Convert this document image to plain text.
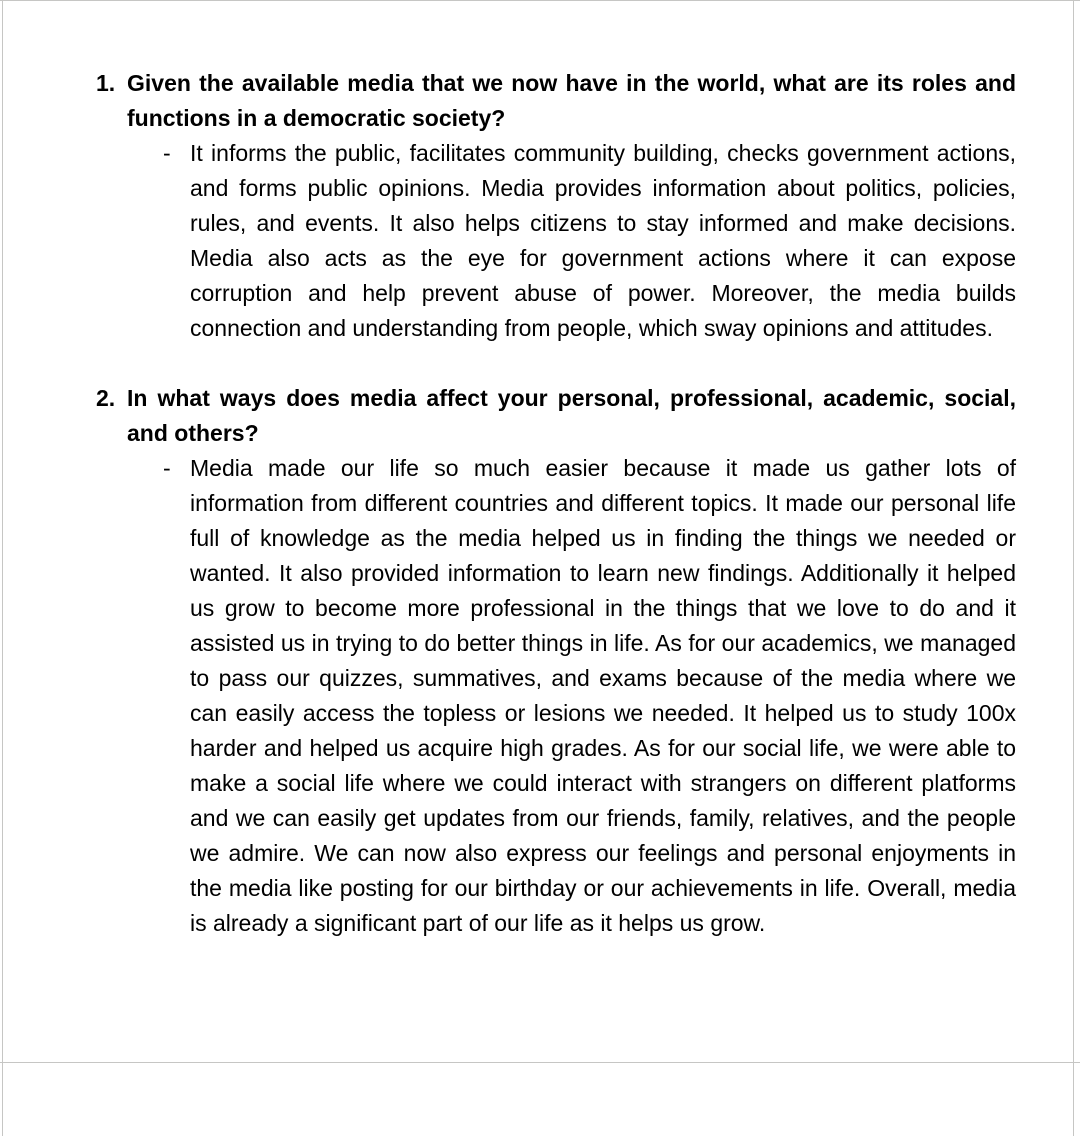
1. Given the available media that we now have in the world, what are its roles and functions in a democratic society?
- It informs the public, facilitates community building, checks government actions, and forms public opinions. Media provides information about politics, policies, rules, and events. It also helps citizens to stay informed and make decisions. Media also acts as the eye for government actions where it can expose corruption and help prevent abuse of power. Moreover, the media builds connection and understanding from people, which sway opinions and attitudes.
2. In what ways does media affect your personal, professional, academic, social, and others?
- Media made our life so much easier because it made us gather lots of information from different countries and different topics. It made our personal life full of knowledge as the media helped us in finding the things we needed or wanted. It also provided information to learn new findings. Additionally it helped us grow to become more professional in the things that we love to do and it assisted us in trying to do better things in life. As for our academics, we managed to pass our quizzes, summatives, and exams because of the media where we can easily access the topless or lesions we needed. It helped us to study 100x harder and helped us acquire high grades. As for our social life, we were able to make a social life where we could interact with strangers on different platforms and we can easily get updates from our friends, family, relatives, and the people we admire. We can now also express our feelings and personal enjoyments in the media like posting for our birthday or our achievements in life. Overall, media is already a significant part of our life as it helps us grow.
